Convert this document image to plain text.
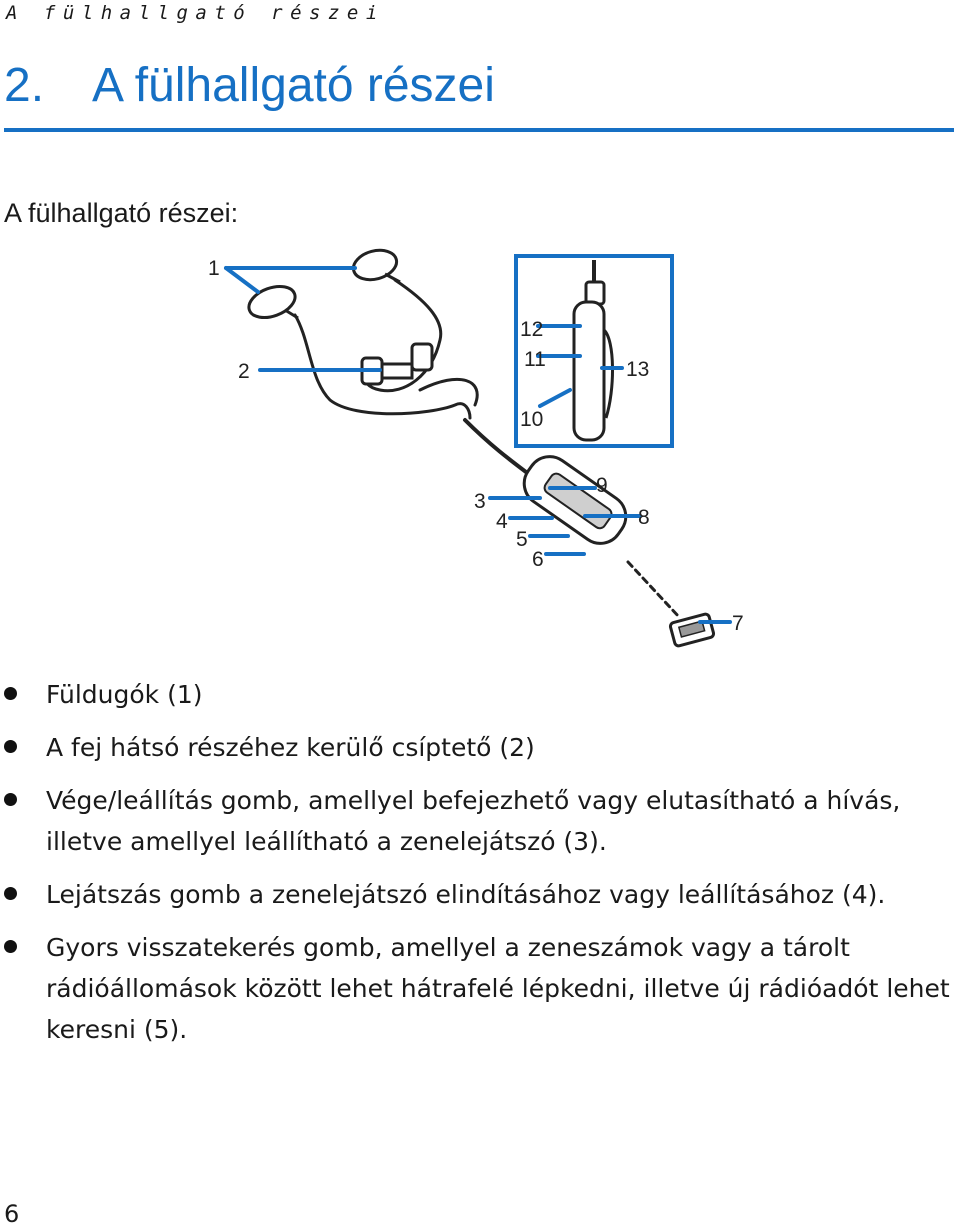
A fülhallgató részei
2. A fülhallgató részei
A fülhallgató részei:
1
2
3
4
5
6
7
8
9
10
11
12
13
Füldugók (1)
A fej hátsó részéhez kerülő csíptető (2)
Vége/leállítás gomb, amellyel befejezhető vagy elutasítható a hívás, illetve amellyel leállítható a zenelejátszó (3).
Lejátszás gomb a zenelejátszó elindításához vagy leállításához (4).
Gyors visszatekerés gomb, amellyel a zeneszámok vagy a tárolt rádióállomások között lehet hátrafelé lépkedni, illetve új rádióadót lehet keresni (5).
6
